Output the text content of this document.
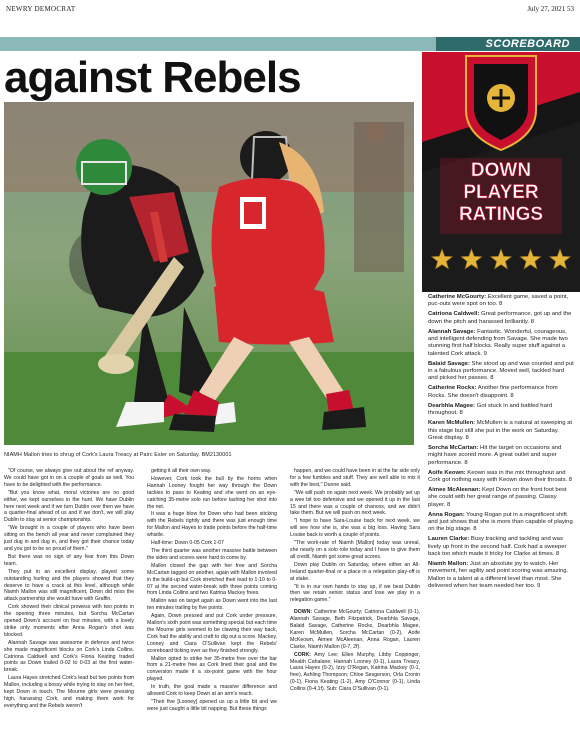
NEWRY DEMOCRAT	July 27, 2021 53
SCOREBOARD
against Rebels
NIAMH Mallon tries to shrug of Cork's Laura Treacy at Pairc Esler on Saturday. BM2130001

"Of course, we always give out about the ref anyway. We could have got in on a couple of goals as well. You have to be delighted with the performance.

"But you know what, moral victories are no good either, we kept ourselves in the hunt. We have Dublin here next week and if we turn Dublin over then we have a quarter-final ahead of us and if we don't, we will play Dublin to stay at senior championship.

"We brought in a couple of players who have been sitting on the bench all year and never complained they just dug in and dug in, and they got their chance today and you got to be so proud of them."

But there was no sign of any fear from this Down team.

They put in an excellent display, played some outstanding hurling and the players showed that they deserve to have a crack at this level, although while Niamh Mallon was still magnificent, Down did miss the attack partnership she would have with Graffin.

Cork showed their clinical prowess with two points in the opening three minutes, but Sorcha McCartan opened Down's account on four minutes, with a lovely strike only moments after Anna Rogan's shot was blocked.

Alannah Savage was awesome in defence and twice she made magnificent blocks on Cork's Linda Collins. Catriona Caldwell and Cork's Fiona Keating traded points as Down trailed 0-02 to 0-03 at the first water-break.

Laura Hayes stretched Cork's lead but two points from Mallon, including a bossy while trying to stay on her feet, kept Down in touch. The Mourne girls were pressing high, harassing Cork, and making them work for everything and the Rebels weren't

getting it all their own way.

However, Cork took the bull by the horns when Hannah Looney fought her way through the Down tackles to pass to Keating and she went on an eye-catching 35-metre solo run before lashing her shot into the net.

It was a huge blow for Down who had been sticking with the Rebels rightly and there was just enough time for Mallon and Hayes to trade points before the half-time whistle.

Half-time: Down 0-05 Cork 1-07

The third quarter was another massive battle between the sides and scores were hard to come by.

Mallon closed the gap with her free and Sorcha McCartan tagged on another, again with Mallon involved in the build-up but Cork stretched their lead to 1-10 to 0-07 at the second water-break with three points coming from Linda Collins and two Katrina Mackey frees.

Mallon was on target again as Down went into the last ten minutes trailing by five points.

Again, Down pressed and put Cork under pressure, Mallon's sixth point was something special but each time the Mourne girls seemed to be clawing their way back, Cork had the ability and craft to dig out a score. Mackey, Looney and Ciara O'Sullivan kept the Rebels' scoreboard ticking over as they finished strongly.

Mallon opted to strike her 35-metre free over the bar from a 21-metre free as Cork lined their goal and the conversion made it a six-point game with the hour played.

In truth, the goal made a massive difference and allowed Cork to keep Down at an arm's reach.

"Their five [Looney] opened us up a little bit and we were just caught a little bit napping. But these things

happen, and we could have been in at the far side only for a few fumbles and stuff. They are well able to mix it with the best," Dunne said.

"We will push on again next week. We probably set up a wee bit too defensive and we opened it up in the last 15 and there was a couple of chances, and we didn't take them. But we will push on next week.

"I hope to have Sara-Louise back for next week, we will see how she is, she was a big loss. Having Sara Louise back is worth a couple of points.

"The work-rate of Niamh [Mallon] today was unreal, she nearly on a solo role today and I have to give them all credit, Niamh got some great scores.

Down play Dublin on Saturday, where either an All-Ireland quarter-final or a place in a relegation play-off is at stake.

"It is in our own hands to stay up, if we beat Dublin then we retain senior status and lose we play in a relegation game."

DOWN: Catherine McGourty; Catriona Caldwell (0-1), Alannah Savage, Beth Fitzpatrick, Dearbhla Savage, Balaid Savage, Catherine Rocks, Dearbhla Magee, Karen McMullen, Sorcha McCartan (0-2), Aoife McKeown, Aimee McAleenan, Anna Rogan, Lauren Clarke, Niamh Mallon (0-7, 2f).

CORK: Amy Lee; Ellen Murphy, Libby Coppinger, Meabh Cahalane; Hannah Looney (0-1), Laura Treacy, Laura Hayes (0-2), Izzy O'Regan, Katrina Mackey (0-1, free), Ashling Thompson; Chloe Sesgerson, Orla Cronin (0-1), Fiona Keating (1-2), Amy O'Connor (0-1), Linda Collins (0-4,1f). Sub: Ciara O'Sullivan (0-1).

DOWN
PLAYER
RATINGS
Catherine McGourty: Excellent game, saved a point, puc-outs were spot on too. 8
Catriona Caldwell: Great performance, got up and the down the pitch and harassed brilliantly. 8
Alannah Savage: Fantastic. Wonderful, courageous, and intelligent defending from Savage. She made two stunning first half blocks. Really super stuff against a talented Cork attack. 9
Balaid Savage: She stood up and was counted and put in a fabulous performance. Moved well, tackled hard and picked her passes. 8
Catherine Rocks: Another fine performance from Rocks. She doesn't disappoint. 8
Dearbhla Magee: Got stuck in and battled hard throughout. 8
Karen McMullen: McMullen is a natural at sweeping at this stage but still she put in the work on Saturday. Great display. 8
Sorcha McCartan: Hit the target on occasions and might have scored more. A great outlet and super performance. 8
Aoife Keown: Keown was in the mix throughout and Cork got nothing easy with Keown down their throats. 8
Aimee McAleenan: Kept Down on the front foot best she could with her great range of passing. Classy player. 8
Anna Rogan: Young Rogan put in a magnificent shift and just shows that she is more than capable of playing on the big stage. 8
Lauren Clarke: Busy tracking and tackling and was lively up front in the second half. Cork had a sweeper back too which made it tricky for Clarke at times. 8
Niamh Mallon: Just an absolute joy to watch. Her movement, her agility and point scoring was amazing. Mallon is a talent at a different level than most. She delivered when her team needed her too. 9
